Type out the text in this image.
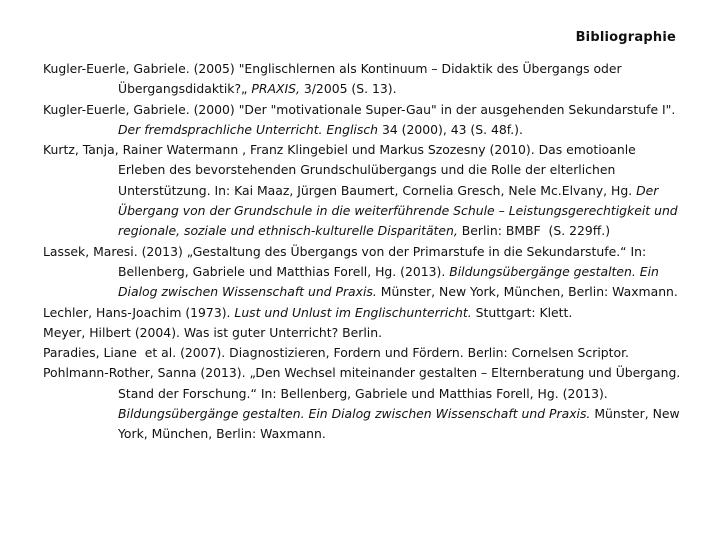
Bibliographie

Kugler-Euerle, Gabriele. (2005) "Englischlernen als Kontinuum – Didaktik des Übergangs oder Übergangsdidaktik?„ PRAXIS, 3/2005 (S. 13).

Kugler-Euerle, Gabriele. (2000) "Der "motivationale Super-Gau" in der ausgehenden Sekundarstufe I". Der fremdsprachliche Unterricht. Englisch 34 (2000), 43 (S. 48f.).

Kurtz, Tanja, Rainer Watermann , Franz Klingebiel und Markus Szozesny (2010). Das emotioanle Erleben des bevorstehenden Grundschulübergangs und die Rolle der elterlichen Unterstützung. In: Kai Maaz, Jürgen Baumert, Cornelia Gresch, Nele Mc.Elvany, Hg. Der Übergang von der Grundschule in die weiterführende Schule – Leistungsgerechtigkeit und regionale, soziale und ethnisch-kulturelle Disparitäten, Berlin: BMBF  (S. 229ff.)

Lassek, Maresi. (2013) „Gestaltung des Übergangs von der Primarstufe in die Sekundarstufe.“ In: Bellenberg, Gabriele und Matthias Forell, Hg. (2013). Bildungsübergänge gestalten. Ein Dialog zwischen Wissenschaft und Praxis. Münster, New York, München, Berlin: Waxmann.

Lechler, Hans-Joachim (1973). Lust und Unlust im Englischunterricht. Stuttgart: Klett.

Meyer, Hilbert (2004). Was ist guter Unterricht? Berlin.

Paradies, Liane  et al. (2007). Diagnostizieren, Fordern und Fördern. Berlin: Cornelsen Scriptor.

Pohlmann-Rother, Sanna (2013). „Den Wechsel miteinander gestalten – Elternberatung und Übergang. Stand der Forschung.“ In: Bellenberg, Gabriele und Matthias Forell, Hg. (2013). Bildungsübergänge gestalten. Ein Dialog zwischen Wissenschaft und Praxis. Münster, New York, München, Berlin: Waxmann.
